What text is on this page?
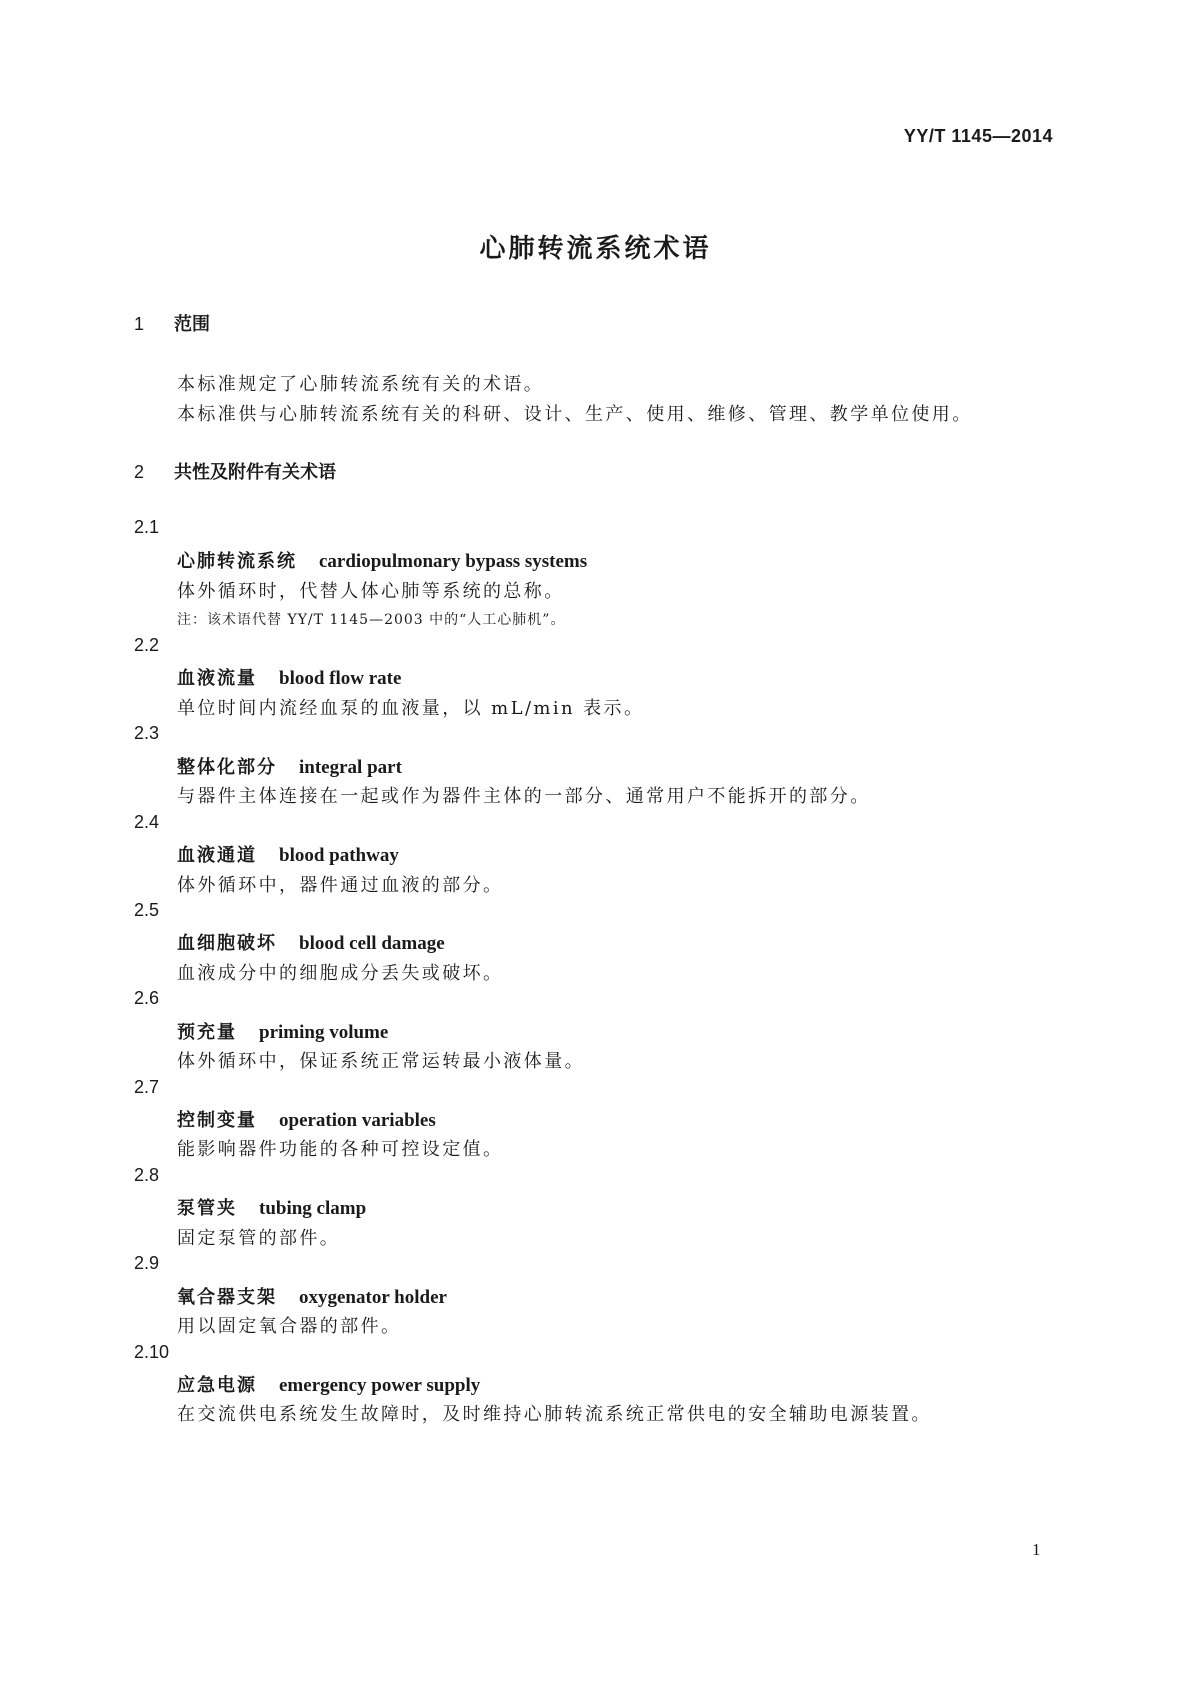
YY/T 1145—2014
心肺转流系统术语
1 范围
本标准规定了心肺转流系统有关的术语。
本标准供与心肺转流系统有关的科研、设计、生产、使用、维修、管理、教学单位使用。
2 共性及附件有关术语
2.1
心肺转流系统 cardiopulmonary bypass systems
体外循环时，代替人体心肺等系统的总称。
注：该术语代替 YY/T 1145—2003 中的“人工心肺机”。
2.2
血液流量 blood flow rate
单位时间内流经血泵的血液量，以 mL/min 表示。
2.3
整体化部分 integral part
与器件主体连接在一起或作为器件主体的一部分、通常用户不能拆开的部分。
2.4
血液通道 blood pathway
体外循环中，器件通过血液的部分。
2.5
血细胞破坏 blood cell damage
血液成分中的细胞成分丢失或破坏。
2.6
预充量 priming volume
体外循环中，保证系统正常运转最小液体量。
2.7
控制变量 operation variables
能影响器件功能的各种可控设定值。
2.8
泵管夹 tubing clamp
固定泵管的部件。
2.9
氧合器支架 oxygenator holder
用以固定氧合器的部件。
2.10
应急电源 emergency power supply
在交流供电系统发生故障时，及时维持心肺转流系统正常供电的安全辅助电源装置。
1
